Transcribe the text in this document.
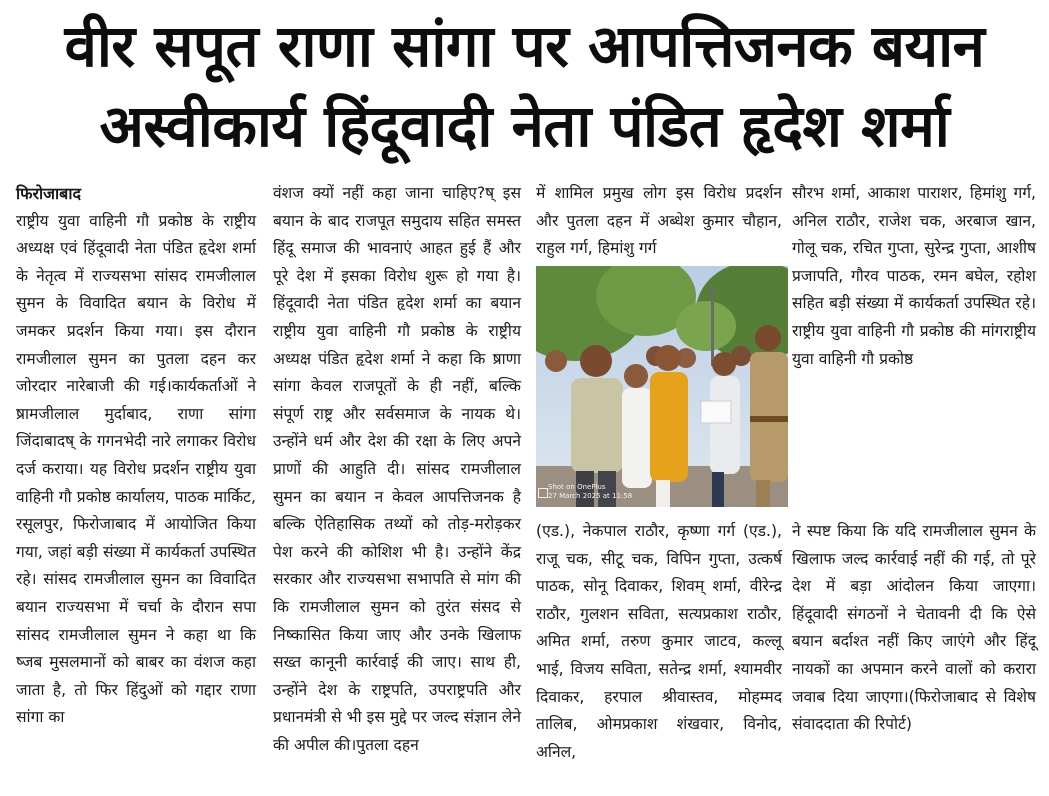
वीर सपूत राणा सांगा पर आपत्तिजनक बयान
अस्वीकार्य हिंदूवादी नेता पंडित हृदेश शर्मा

फिरोजाबाद

राष्ट्रीय युवा वाहिनी गौ प्रकोष्ठ के राष्ट्रीय अध्यक्ष एवं हिंदूवादी नेता पंडित हृदेश शर्मा के नेतृत्व में राज्यसभा सांसद रामजीलाल सुमन के विवादित बयान के विरोध में जमकर प्रदर्शन किया गया। इस दौरान रामजीलाल सुमन का पुतला दहन कर जोरदार नारेबाजी की गई।कार्यकर्ताओं ने ष्रामजीलाल मुर्दाबाद, राणा सांगा जिंदाबादष् के गगनभेदी नारे लगाकर विरोध दर्ज कराया। यह विरोध प्रदर्शन राष्ट्रीय युवा वाहिनी गौ प्रकोष्ठ कार्यालय, पाठक मार्किट, रसूलपुर, फिरोजाबाद में आयोजित किया गया, जहां बड़ी संख्या में कार्यकर्ता उपस्थित रहे। सांसद रामजीलाल सुमन का विवादित बयान राज्यसभा में चर्चा के दौरान सपा सांसद रामजीलाल सुमन ने कहा था कि ष्जब मुसलमानों को बाबर का वंशज कहा जाता है, तो फिर हिंदुओं को गद्दार राणा सांगा का

वंशज क्यों नहीं कहा जाना चाहिए?ष् इस बयान के बाद राजपूत समुदाय सहित समस्त हिंदू समाज की भावनाएं आहत हुई हैं और पूरे देश में इसका विरोध शुरू हो गया है। हिंदूवादी नेता पंडित हृदेश शर्मा का बयान राष्ट्रीय युवा वाहिनी गौ प्रकोष्ठ के राष्ट्रीय अध्यक्ष पंडित हृदेश शर्मा ने कहा कि ष्राणा सांगा केवल राजपूतों के ही नहीं, बल्कि संपूर्ण राष्ट्र और सर्वसमाज के नायक थे। उन्होंने धर्म और देश की रक्षा के लिए अपने प्राणों की आहुति दी। सांसद रामजीलाल सुमन का बयान न केवल आपत्तिजनक है बल्कि ऐतिहासिक तथ्यों को तोड़-मरोड़कर पेश करने की कोशिश भी है। उन्होंने केंद्र सरकार और राज्यसभा सभापति से मांग की कि रामजीलाल सुमन को तुरंत संसद से निष्कासित किया जाए और उनके खिलाफ सख्त कानूनी कार्रवाई की जाए। साथ ही, उन्होंने देश के राष्ट्रपति, उपराष्ट्रपति और प्रधानमंत्री से भी इस मुद्दे पर जल्द संज्ञान लेने की अपील की।पुतला दहन

में शामिल प्रमुख लोग इस विरोध प्रदर्शन और पुतला दहन में अब्धेश कुमार चौहान, राहुल गर्ग, हिमांशु गर्ग

Shot on OnePlus
27 March 2025 at 11:58

(एड.), नेकपाल राठौर, कृष्णा गर्ग (एड.), राजू चक, सीटू चक, विपिन गुप्ता, उत्कर्ष पाठक, सोनू दिवाकर, शिवम् शर्मा, वीरेन्द्र राठौर, गुलशन सविता, सत्यप्रकाश राठौर, अमित शर्मा, तरुण कुमार जाटव, कल्लू भाई, विजय सविता, सतेन्द्र शर्मा, श्यामवीर दिवाकर, हरपाल श्रीवास्तव, मोहम्मद तालिब, ओमप्रकाश शंखवार, विनोद, अनिल,

सौरभ शर्मा, आकाश पाराशर, हिमांशु गर्ग, अनिल राठौर, राजेश चक, अरबाज खान, गोलू चक, रचित गुप्ता, सुरेन्द्र गुप्ता, आशीष प्रजापति, गौरव पाठक, रमन बघेल, रहोश सहित बड़ी संख्या में कार्यकर्ता उपस्थित रहे।राष्ट्रीय युवा वाहिनी गौ प्रकोष्ठ की मांगराष्ट्रीय युवा वाहिनी गौ प्रकोष्ठ

ने स्पष्ट किया कि यदि रामजीलाल सुमन के खिलाफ जल्द कार्रवाई नहीं की गई, तो पूरे देश में बड़ा आंदोलन किया जाएगा। हिंदूवादी संगठनों ने चेतावनी दी कि ऐसे बयान बर्दाश्त नहीं किए जाएंगे और हिंदू नायकों का अपमान करने वालों को करारा जवाब दिया जाएगा।(फिरोजाबाद से विशेष संवाददाता की रिपोर्ट)
